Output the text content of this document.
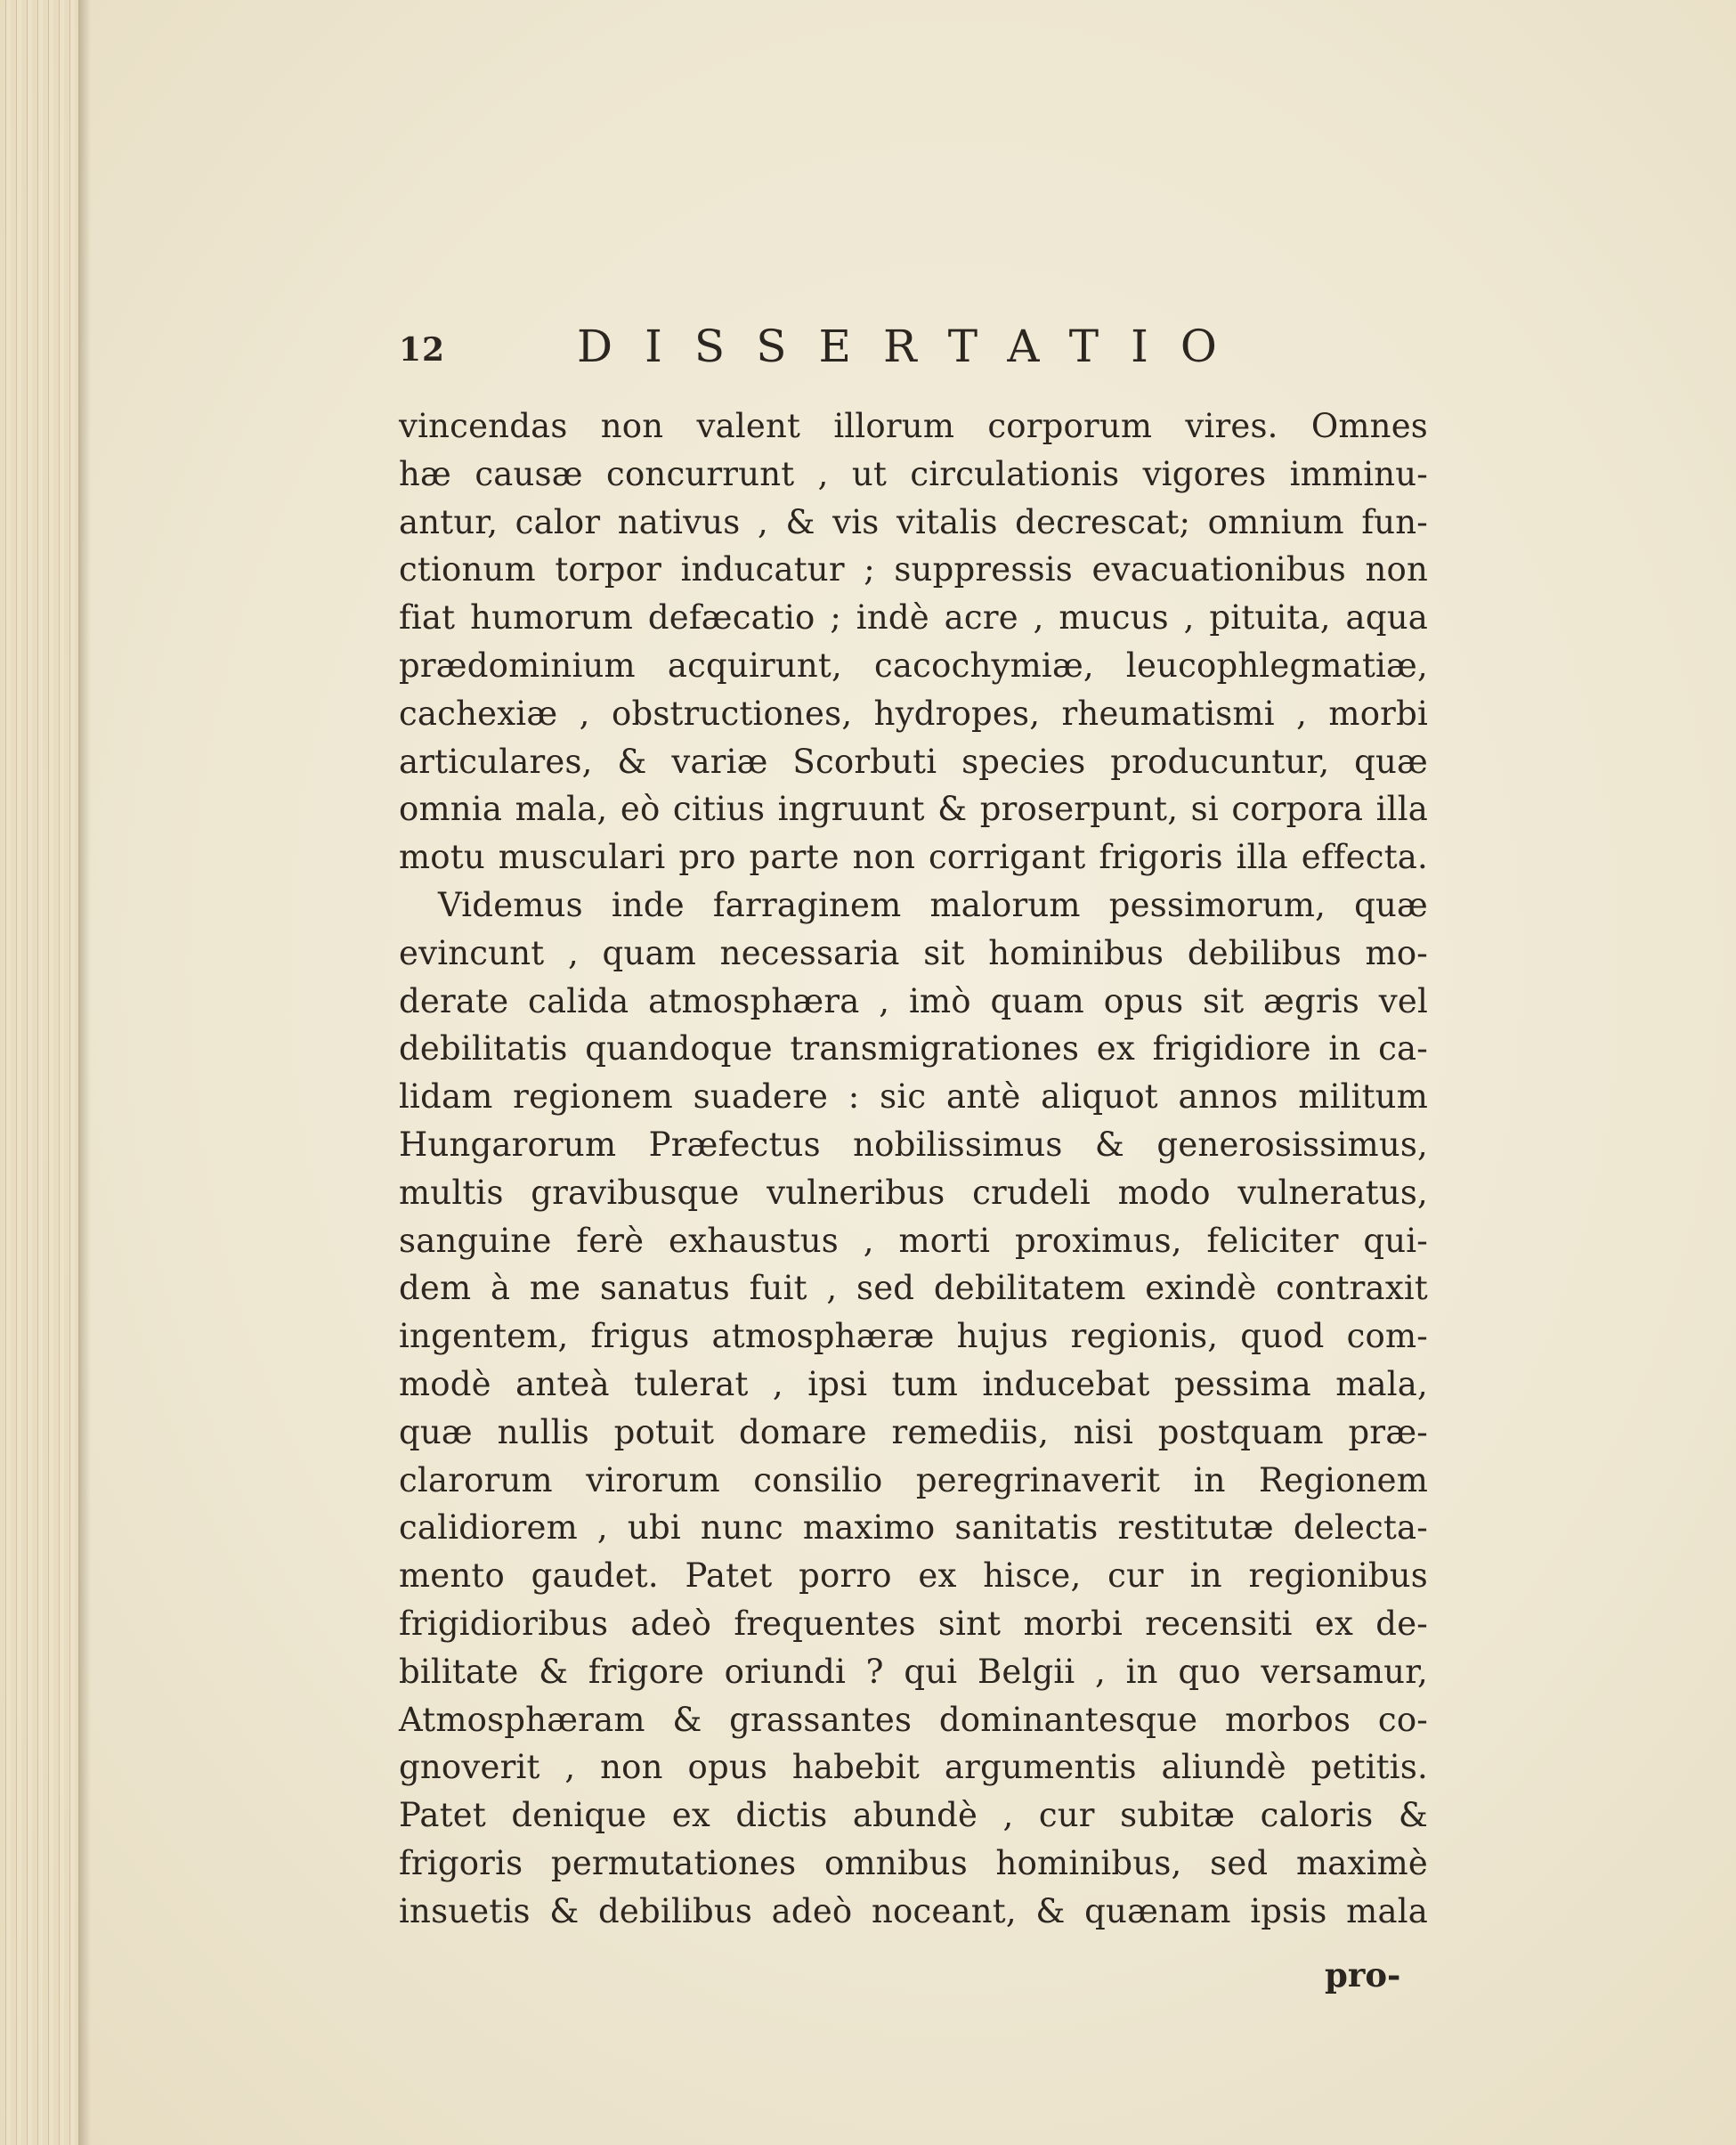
12	DISSERTATIO
vincendas non valent illorum corporum vires. Omnes
hæ causæ concurrunt , ut circulationis vigores imminu-
antur, calor nativus , & vis vitalis decrescat; omnium fun-
ctionum torpor inducatur ; suppressis evacuationibus non
fiat humorum defæcatio ; indè acre , mucus , pituita, aqua
prædominium acquirunt, cacochymiæ, leucophlegmatiæ,
cachexiæ , obstructiones, hydropes, rheumatismi , morbi
articulares, & variæ Scorbuti species producuntur, quæ
omnia mala, eò citius ingruunt & proserpunt, si corpora illa
motu musculari pro parte non corrigant frigoris illa effecta.
Videmus inde farraginem malorum pessimorum, quæ
evincunt , quam necessaria sit hominibus debilibus mo-
derate calida atmosphæra , imò quam opus sit ægris vel
debilitatis quandoque transmigrationes ex frigidiore in ca-
lidam regionem suadere : sic antè aliquot annos militum
Hungarorum Præfectus nobilissimus & generosissimus,
multis gravibusque vulneribus crudeli modo vulneratus,
sanguine ferè exhaustus , morti proximus, feliciter qui-
dem à me sanatus fuit , sed debilitatem exindè contraxit
ingentem, frigus atmosphæræ hujus regionis, quod com-
modè anteà tulerat , ipsi tum inducebat pessima mala,
quæ nullis potuit domare remediis, nisi postquam præ-
clarorum virorum consilio peregrinaverit in Regionem
calidiorem , ubi nunc maximo sanitatis restitutæ delecta-
mento gaudet. Patet porro ex hisce, cur in regionibus
frigidioribus adeò frequentes sint morbi recensiti ex de-
bilitate & frigore oriundi ? qui Belgii , in quo versamur,
Atmosphæram & grassantes dominantesque morbos co-
gnoverit , non opus habebit argumentis aliundè petitis.
Patet denique ex dictis abundè , cur subitæ caloris &
frigoris permutationes omnibus hominibus, sed maximè
insuetis & debilibus adeò noceant, & quænam ipsis mala
pro-
